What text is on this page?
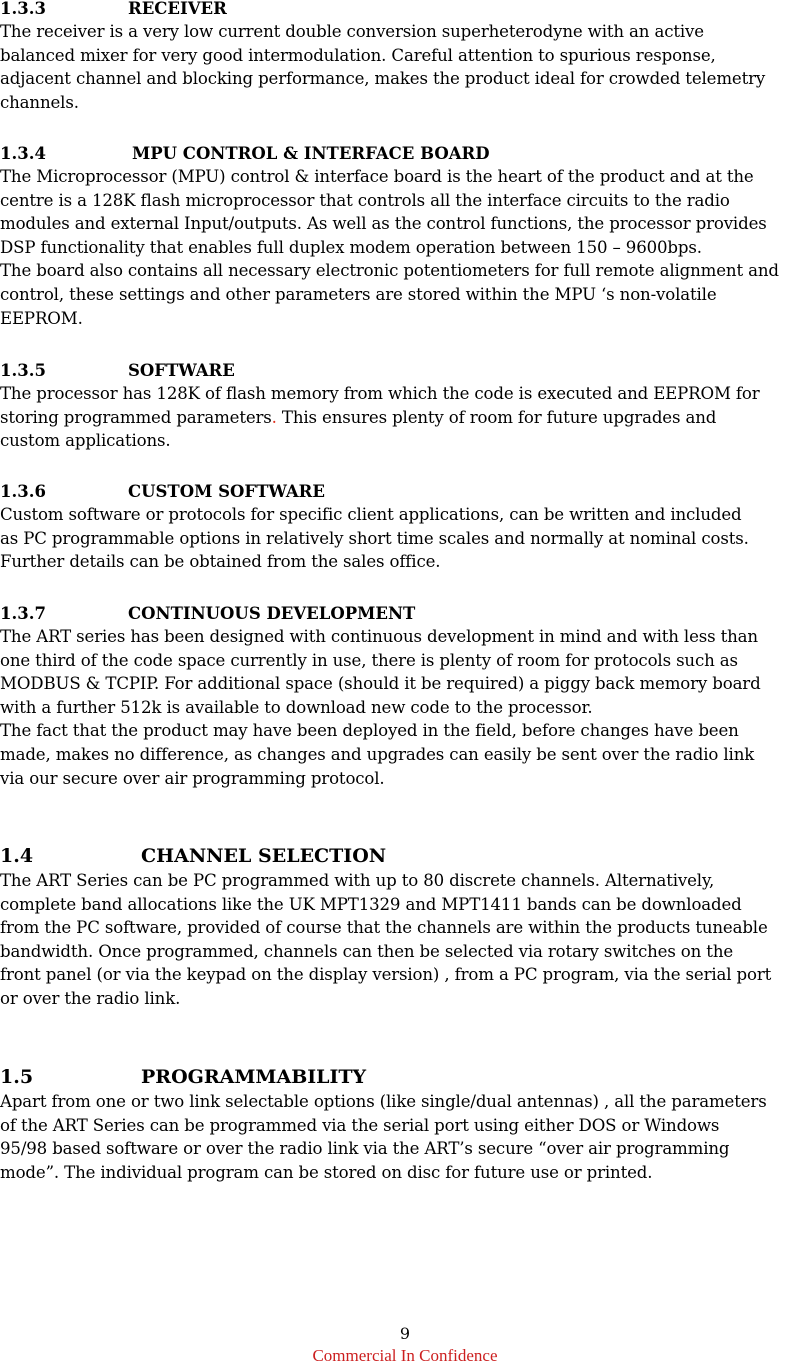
1.3.3	RECEIVER
The receiver is a very low current double conversion superheterodyne with an active
balanced mixer for very good intermodulation. Careful attention to spurious response,
adjacent channel and blocking performance, makes the product ideal for crowded telemetry
channels.
1.3.4	MPU CONTROL & INTERFACE BOARD
The Microprocessor (MPU) control & interface board is the heart of the product and at the
centre is a 128K flash microprocessor that controls all the interface circuits to the radio
modules and external Input/outputs. As well as the control functions, the processor provides
DSP functionality that enables full duplex modem operation between 150 – 9600bps.
The board also contains all necessary electronic potentiometers for full remote alignment and
control, these settings and other parameters are stored within the MPU ‘s non-volatile
EEPROM.
1.3.5	SOFTWARE
The processor has 128K of flash memory from which the code is executed and EEPROM for
storing programmed parameters. This ensures plenty of room for future upgrades and
custom applications.
1.3.6	CUSTOM SOFTWARE
Custom software or protocols for specific client applications, can be written and included
as PC programmable options in relatively short time scales and normally at nominal costs.
Further details can be obtained from the sales office.
1.3.7	CONTINUOUS DEVELOPMENT
The ART series has been designed with continuous development in mind and with less than
one third of the code space currently in use, there is plenty of room for protocols such as
MODBUS & TCPIP. For additional space (should it be required) a piggy back memory board
with a further 512k is available to download new code to the processor.
The fact that the product may have been deployed in the field, before changes have been
made, makes no difference, as changes and upgrades can easily be sent over the radio link
via our secure over air programming protocol.
1.4	CHANNEL SELECTION
The ART Series can be PC programmed with up to 80 discrete channels. Alternatively,
complete band allocations like the UK MPT1329 and MPT1411 bands can be downloaded
from the PC software, provided of course that the channels are within the products tuneable
bandwidth. Once programmed, channels can then be selected via rotary switches on the
front panel (or via the keypad on the display version) , from a PC program, via the serial port
or over the radio link.
1.5	PROGRAMMABILITY
Apart from one or two link selectable options (like single/dual antennas) , all the parameters
of the ART Series can be programmed via the serial port using either DOS or Windows
95/98 based software or over the radio link via the ART’s secure “over air programming
mode”. The individual program can be stored on disc for future use or printed.
9
Commercial In Confidence
